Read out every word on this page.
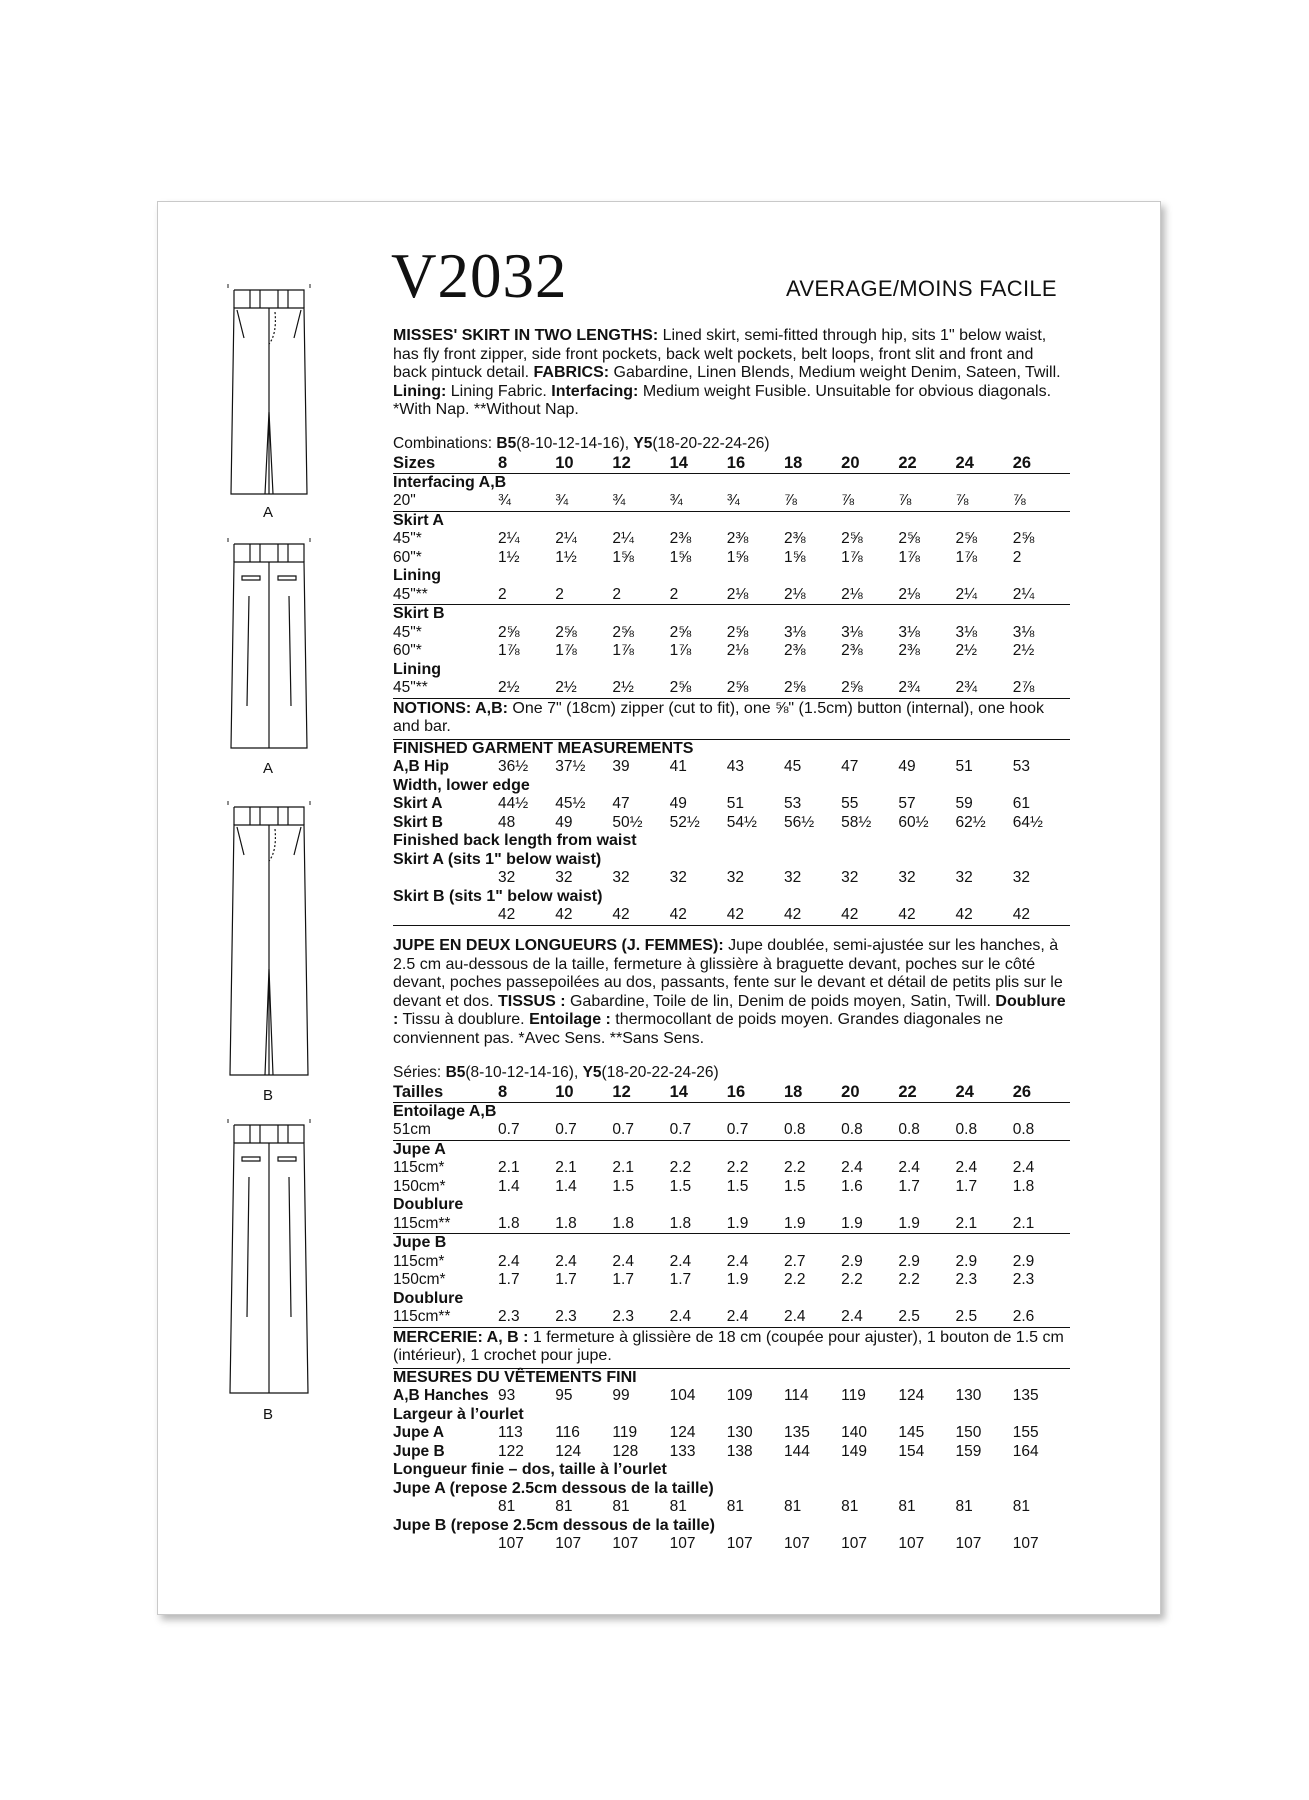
A
A
B
B
V2032	AVERAGE/MOINS FACILE

MISSES' SKIRT IN TWO LENGTHS: Lined skirt, semi-fitted through hip, sits 1" below waist, has fly front zipper, side front pockets, back welt pockets, belt loops, front slit and front and back pintuck detail. FABRICS: Gabardine, Linen Blends, Medium weight Denim, Sateen, Twill. Lining: Lining Fabric. Interfacing: Medium weight Fusible. Unsuitable for obvious diagonals. *With Nap. **Without Nap.

Combinations: B5(8-10-12-14-16), Y5(18-20-22-24-26)
Sizes	8	10	12	14	16	18	20	22	24	26
Interfacing A,B										
20"	¾	¾	¾	¾	¾	⅞	⅞	⅞	⅞	⅞
Skirt A										
45"*	2¼	2¼	2¼	2⅜	2⅜	2⅜	2⅝	2⅝	2⅝	2⅝
60"*	1½	1½	1⅝	1⅝	1⅝	1⅝	1⅞	1⅞	1⅞	2
Lining										
45"**	2	2	2	2	2⅛	2⅛	2⅛	2⅛	2¼	2¼
Skirt B										
45"*	2⅝	2⅝	2⅝	2⅝	2⅝	3⅛	3⅛	3⅛	3⅛	3⅛
60"*	1⅞	1⅞	1⅞	1⅞	2⅛	2⅜	2⅜	2⅜	2½	2½
Lining										
45"**	2½	2½	2½	2⅝	2⅝	2⅝	2⅝	2¾	2¾	2⅞

NOTIONS: A,B: One 7" (18cm) zipper (cut to fit), one ⅝" (1.5cm) button (internal), one hook and bar.										

FINISHED GARMENT MEASUREMENTS										
A,B Hip	36½	37½	39	41	43	45	47	49	51	53
Width, lower edge										
Skirt A	44½	45½	47	49	51	53	55	57	59	61
Skirt B	48	49	50½	52½	54½	56½	58½	60½	62½	64½
Finished back length from waist										
Skirt A (sits 1" below waist)										
	32	32	32	32	32	32	32	32	32	32
Skirt B (sits 1" below waist)										
	42	42	42	42	42	42	42	42	42	42

JUPE EN DEUX LONGUEURS (J. FEMMES): Jupe doublée, semi-ajustée sur les hanches, à 2.5 cm au-dessous de la taille, fermeture à glissière à braguette devant, poches sur le côté devant, poches passepoilées au dos, passants, fente sur le devant et détail de petits plis sur le devant et dos. TISSUS : Gabardine, Toile de lin, Denim de poids moyen, Satin, Twill. Doublure : Tissu à doublure. Entoilage : thermocollant de poids moyen. Grandes diagonales ne conviennent pas. *Avec Sens. **Sans Sens.

Séries: B5(8-10-12-14-16), Y5(18-20-22-24-26)
Tailles	8	10	12	14	16	18	20	22	24	26
Entoilage A,B										
51cm	0.7	0.7	0.7	0.7	0.7	0.8	0.8	0.8	0.8	0.8
Jupe A										
115cm*	2.1	2.1	2.1	2.2	2.2	2.2	2.4	2.4	2.4	2.4
150cm*	1.4	1.4	1.5	1.5	1.5	1.5	1.6	1.7	1.7	1.8
Doublure										
115cm**	1.8	1.8	1.8	1.8	1.9	1.9	1.9	1.9	2.1	2.1
Jupe B										
115cm*	2.4	2.4	2.4	2.4	2.4	2.7	2.9	2.9	2.9	2.9
150cm*	1.7	1.7	1.7	1.7	1.9	2.2	2.2	2.2	2.3	2.3
Doublure										
115cm**	2.3	2.3	2.3	2.4	2.4	2.4	2.4	2.5	2.5	2.6

MERCERIE: A, B : 1 fermeture à glissière de 18 cm (coupée pour ajuster), 1 bouton de 1.5 cm (intérieur), 1 crochet pour jupe.										

MESURES DU VÊTEMENTS FINI										
A,B Hanches	93	95	99	104	109	114	119	124	130	135
Largeur à l’ourlet										
Jupe A	113	116	119	124	130	135	140	145	150	155
Jupe B	122	124	128	133	138	144	149	154	159	164
Longueur finie – dos, taille à l’ourlet										
Jupe A (repose 2.5cm dessous de la taille)										
	81	81	81	81	81	81	81	81	81	81
Jupe B (repose 2.5cm dessous de la taille)										
	107	107	107	107	107	107	107	107	107	107
